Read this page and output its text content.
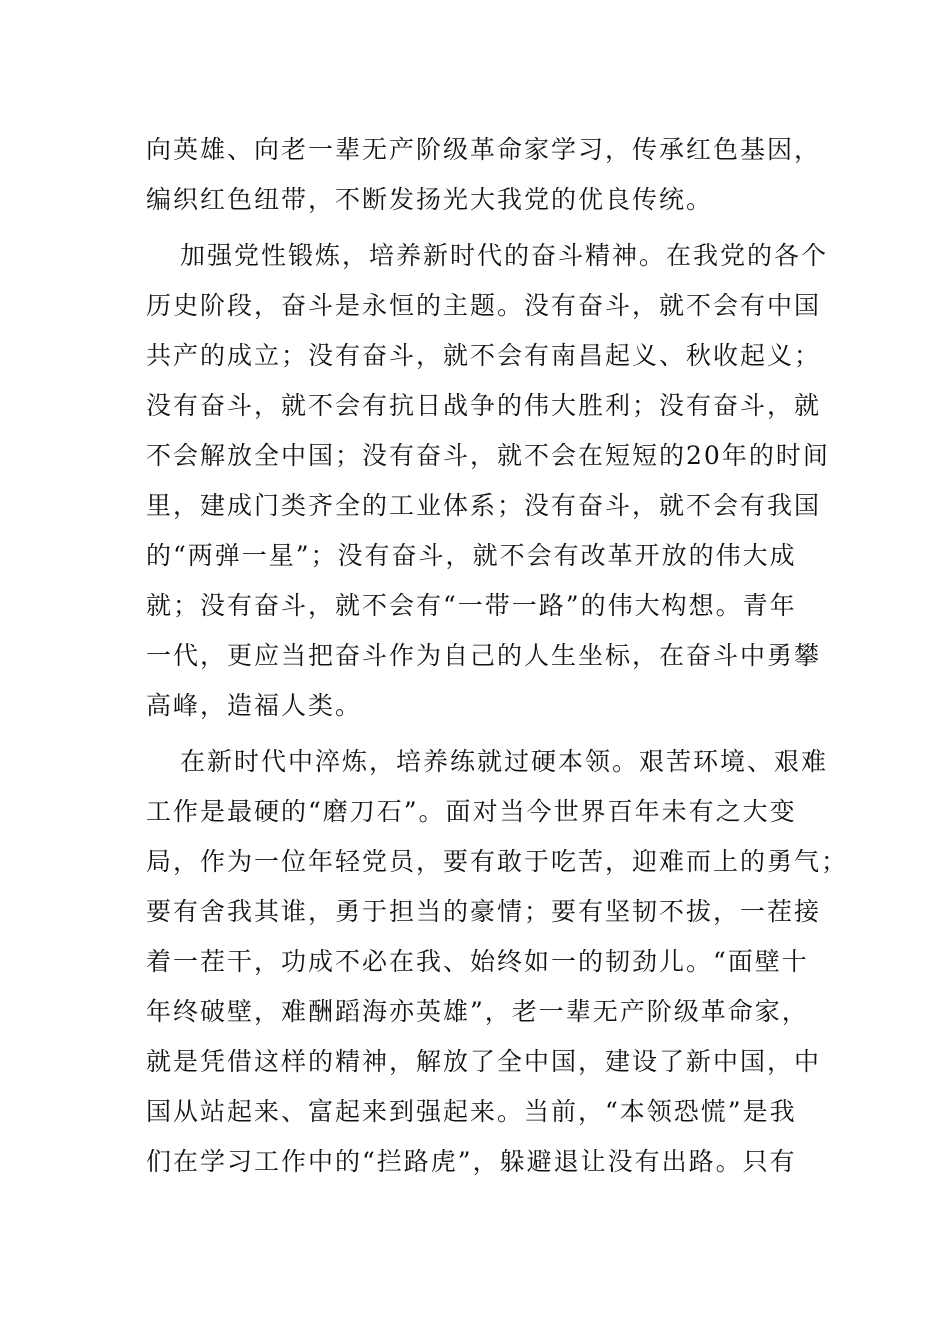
向英雄、向老一辈无产阶级革命家学习，传承红色基因，
编织红色纽带，不断发扬光大我党的优良传统。
加强党性锻炼，培养新时代的奋斗精神。在我党的各个
历史阶段，奋斗是永恒的主题。没有奋斗，就不会有中国
共产的成立；没有奋斗，就不会有南昌起义、秋收起义；
没有奋斗，就不会有抗日战争的伟大胜利；没有奋斗，就
不会解放全中国；没有奋斗，就不会在短短的20年的时间
里，建成门类齐全的工业体系；没有奋斗，就不会有我国
的“两弹一星”；没有奋斗，就不会有改革开放的伟大成
就；没有奋斗，就不会有“一带一路”的伟大构想。青年
一代，更应当把奋斗作为自己的人生坐标，在奋斗中勇攀
高峰，造福人类。
在新时代中淬炼，培养练就过硬本领。艰苦环境、艰难
工作是最硬的“磨刀石”。面对当今世界百年未有之大变
局，作为一位年轻党员，要有敢于吃苦，迎难而上的勇气；
要有舍我其谁，勇于担当的豪情；要有坚韧不拔，一茬接
着一茬干，功成不必在我、始终如一的韧劲儿。“面壁十
年终破壁，难酬蹈海亦英雄”，老一辈无产阶级革命家，
就是凭借这样的精神，解放了全中国，建设了新中国，中
国从站起来、富起来到强起来。当前，“本领恐慌”是我
们在学习工作中的“拦路虎”，躲避退让没有出路。只有
